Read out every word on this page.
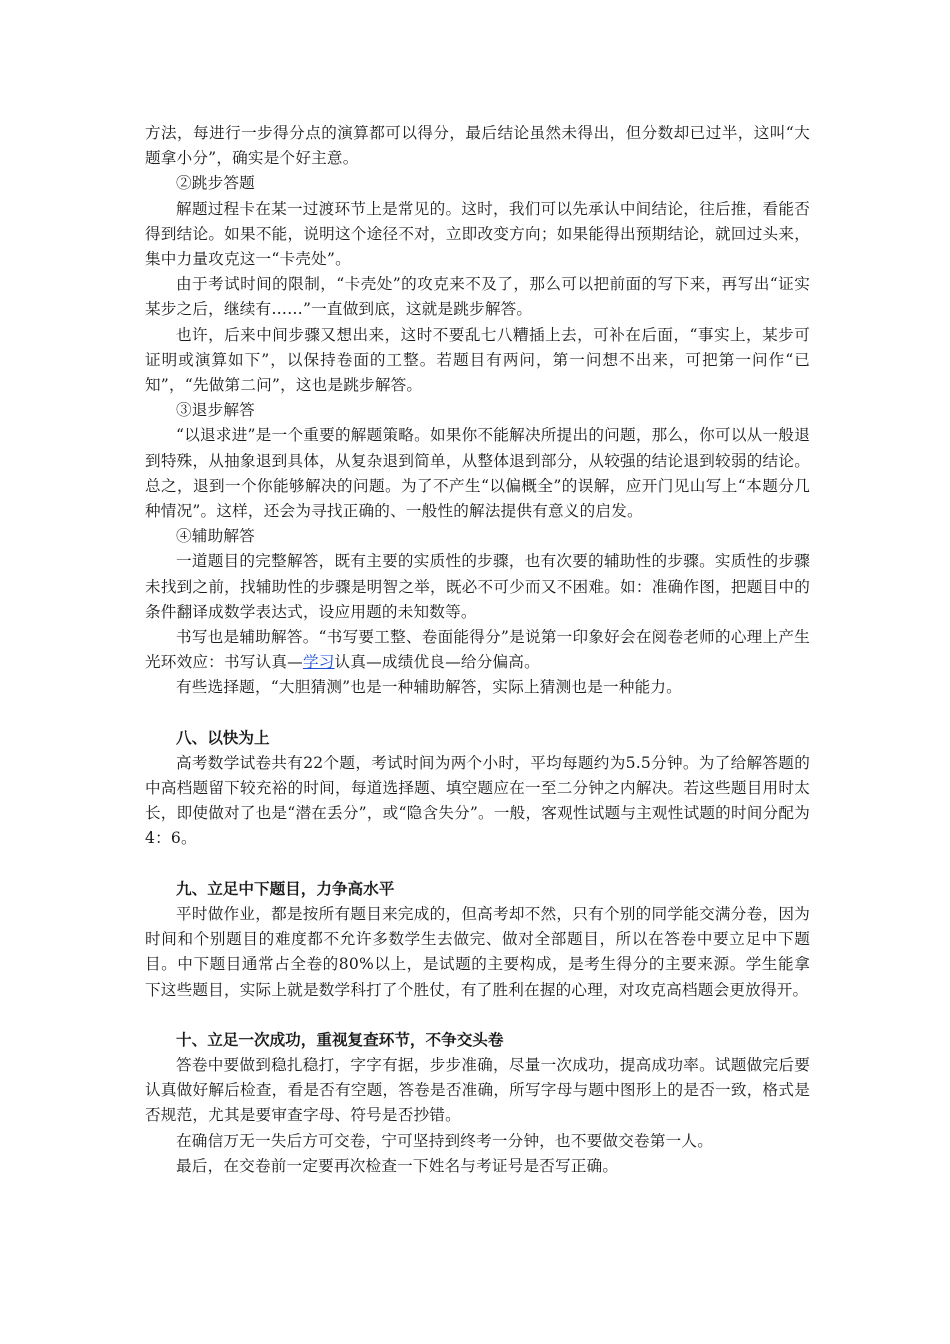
方法，每进行一步得分点的演算都可以得分，最后结论虽然未得出，但分数却已过半，这叫“大题拿小分”，确实是个好主意。

②跳步答题

解题过程卡在某一过渡环节上是常见的。这时，我们可以先承认中间结论，往后推，看能否得到结论。如果不能，说明这个途径不对，立即改变方向；如果能得出预期结论，就回过头来，集中力量攻克这一“卡壳处”。

由于考试时间的限制，“卡壳处”的攻克来不及了，那么可以把前面的写下来，再写出“证实某步之后，继续有……”一直做到底，这就是跳步解答。

也许，后来中间步骤又想出来，这时不要乱七八糟插上去，可补在后面，“事实上，某步可证明或演算如下”，以保持卷面的工整。若题目有两问，第一问想不出来，可把第一问作“已知”，“先做第二问”，这也是跳步解答。

③退步解答

“以退求进”是一个重要的解题策略。如果你不能解决所提出的问题，那么，你可以从一般退到特殊，从抽象退到具体，从复杂退到简单，从整体退到部分，从较强的结论退到较弱的结论。总之，退到一个你能够解决的问题。为了不产生“以偏概全”的误解，应开门见山写上“本题分几种情况”。这样，还会为寻找正确的、一般性的解法提供有意义的启发。

④辅助解答

一道题目的完整解答，既有主要的实质性的步骤，也有次要的辅助性的步骤。实质性的步骤未找到之前，找辅助性的步骤是明智之举，既必不可少而又不困难。如：准确作图，把题目中的条件翻译成数学表达式，设应用题的未知数等。

书写也是辅助解答。“书写要工整、卷面能得分”是说第一印象好会在阅卷老师的心理上产生光环效应：书写认真—学习认真—成绩优良—给分偏高。

有些选择题，“大胆猜测”也是一种辅助解答，实际上猜测也是一种能力。

八、以快为上

高考数学试卷共有22个题，考试时间为两个小时，平均每题约为5.5分钟。为了给解答题的中高档题留下较充裕的时间，每道选择题、填空题应在一至二分钟之内解决。若这些题目用时太长，即使做对了也是“潜在丢分”，或“隐含失分”。一般，客观性试题与主观性试题的时间分配为4：6。

九、立足中下题目，力争高水平

平时做作业，都是按所有题目来完成的，但高考却不然，只有个别的同学能交满分卷，因为时间和个别题目的难度都不允许多数学生去做完、做对全部题目，所以在答卷中要立足中下题目。中下题目通常占全卷的80%以上，是试题的主要构成，是考生得分的主要来源。学生能拿下这些题目，实际上就是数学科打了个胜仗，有了胜利在握的心理，对攻克高档题会更放得开。

十、立足一次成功，重视复查环节，不争交头卷

答卷中要做到稳扎稳打，字字有据，步步准确，尽量一次成功，提高成功率。试题做完后要认真做好解后检查，看是否有空题，答卷是否准确，所写字母与题中图形上的是否一致，格式是否规范，尤其是要审查字母、符号是否抄错。

在确信万无一失后方可交卷，宁可坚持到终考一分钟，也不要做交卷第一人。

最后，在交卷前一定要再次检查一下姓名与考证号是否写正确。
